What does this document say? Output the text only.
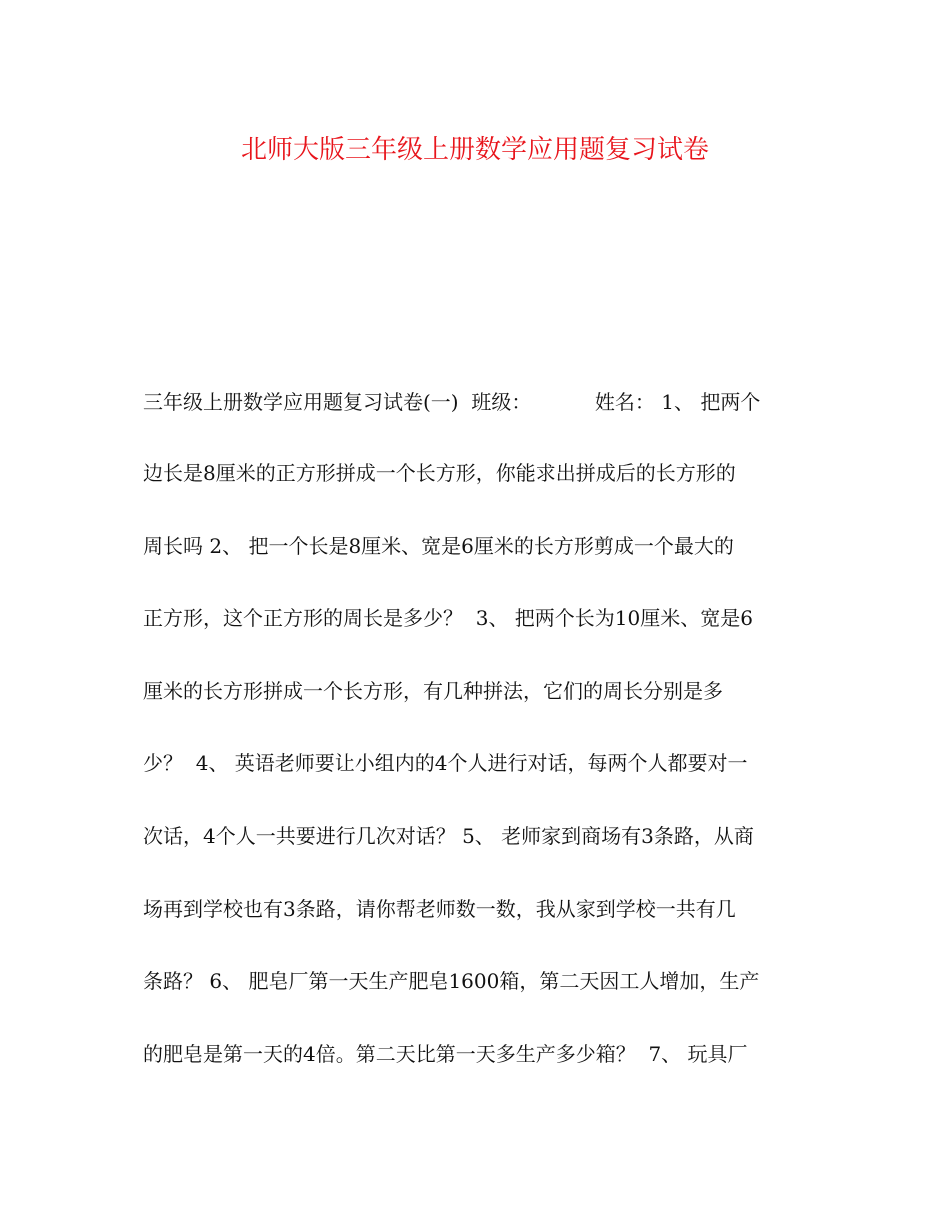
北师大版三年级上册数学应用题复习试卷
三年级上册数学应用题复习试卷(一)  班级：          姓名： 1、 把两个
边长是8厘米的正方形拼成一个长方形，你能求出拼成后的长方形的
周长吗 2、 把一个长是8厘米、宽是6厘米的长方形剪成一个最大的
正方形，这个正方形的周长是多少？  3、 把两个长为10厘米、宽是6
厘米的长方形拼成一个长方形，有几种拼法，它们的周长分别是多
少？  4、 英语老师要让小组内的4个人进行对话，每两个人都要对一
次话，4个人一共要进行几次对话？ 5、 老师家到商场有3条路，从商
场再到学校也有3条路，请你帮老师数一数，我从家到学校一共有几
条路？ 6、 肥皂厂第一天生产肥皂1600箱，第二天因工人增加，生产
的肥皂是第一天的4倍。第二天比第一天多生产多少箱？  7、 玩具厂
